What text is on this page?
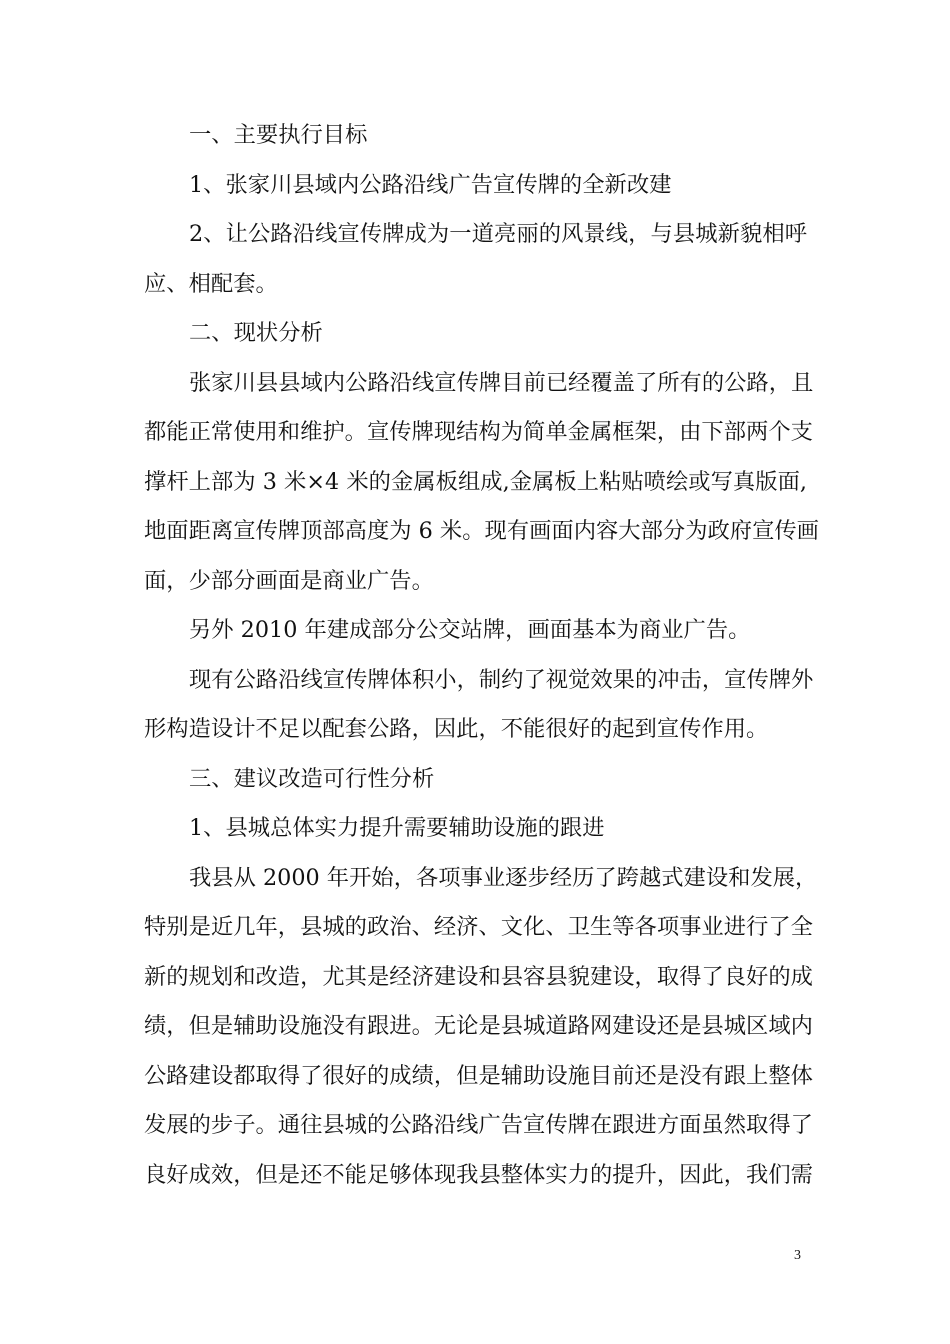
一、主要执行目标
1、张家川县域内公路沿线广告宣传牌的全新改建
2、让公路沿线宣传牌成为一道亮丽的风景线，与县城新貌相呼
应、相配套。
二、现状分析
张家川县县域内公路沿线宣传牌目前已经覆盖了所有的公路，且
都能正常使用和维护。宣传牌现结构为简单金属框架，由下部两个支
撑杆上部为 3 米×4 米的金属板组成,金属板上粘贴喷绘或写真版面,
地面距离宣传牌顶部高度为 6 米。现有画面内容大部分为政府宣传画
面，少部分画面是商业广告。
另外 2010 年建成部分公交站牌，画面基本为商业广告。
现有公路沿线宣传牌体积小，制约了视觉效果的冲击，宣传牌外
形构造设计不足以配套公路，因此，不能很好的起到宣传作用。
三、建议改造可行性分析
1、县城总体实力提升需要辅助设施的跟进
我县从 2000 年开始，各项事业逐步经历了跨越式建设和发展，
特别是近几年，县城的政治、经济、文化、卫生等各项事业进行了全
新的规划和改造，尤其是经济建设和县容县貌建设，取得了良好的成
绩，但是辅助设施没有跟进。无论是县城道路网建设还是县城区域内
公路建设都取得了很好的成绩，但是辅助设施目前还是没有跟上整体
发展的步子。通往县城的公路沿线广告宣传牌在跟进方面虽然取得了
良好成效，但是还不能足够体现我县整体实力的提升，因此，我们需
3
